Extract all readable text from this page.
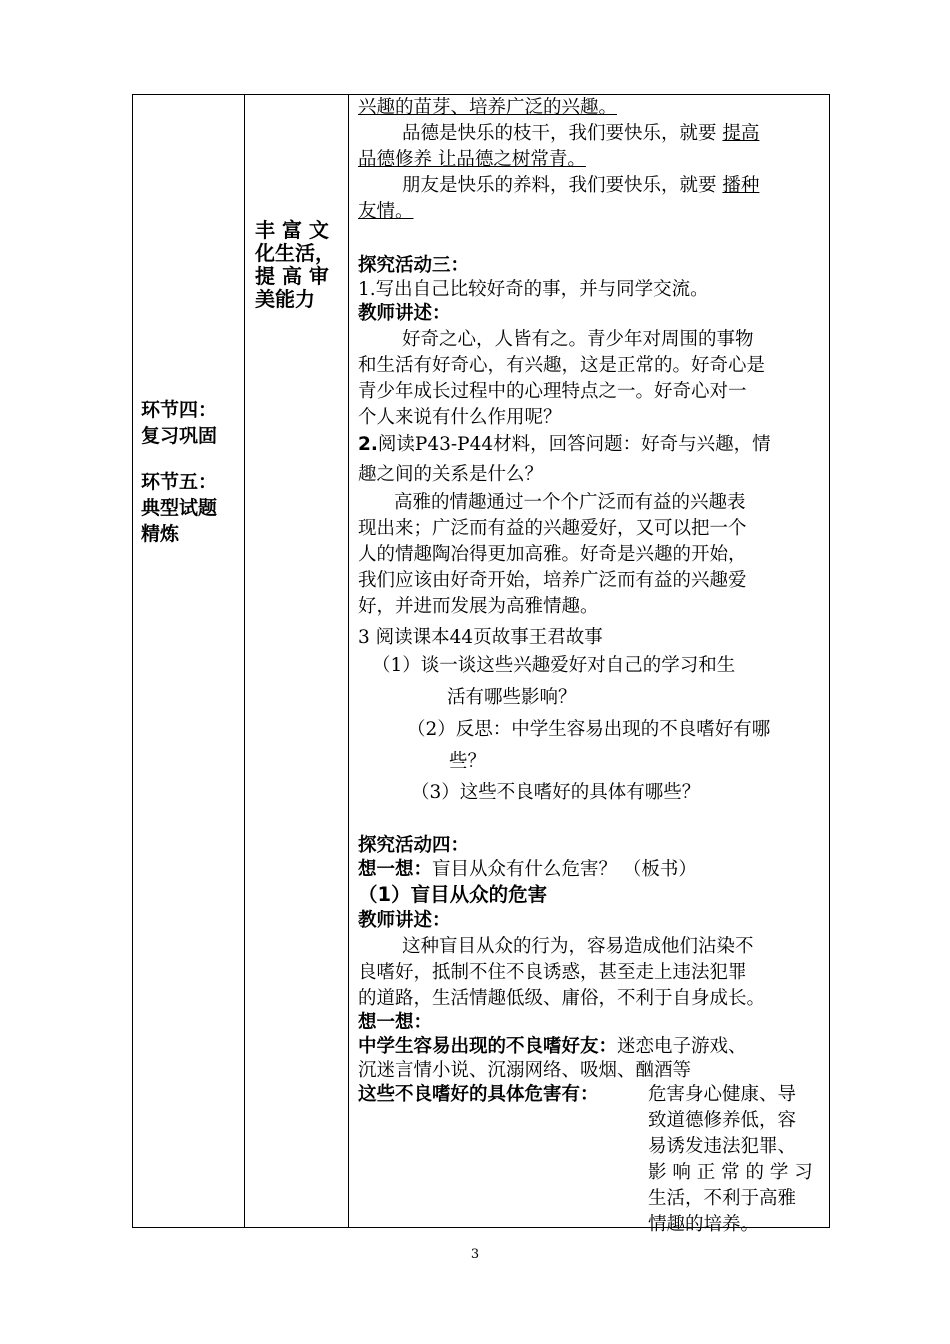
环节四：
复习巩固
环节五：
典型试题
精炼
丰 富 文
化生活，
提 高 审
美能力
兴趣的苗芽、培养广泛的兴趣。
品德是快乐的枝干，我们要快乐，就要 提高
品德修养 让品德之树常青。
朋友是快乐的养料，我们要快乐，就要 播种
友情。
探究活动三：
1.写出自己比较好奇的事，并与同学交流。
教师讲述：
好奇之心，人皆有之。青少年对周围的事物
和生活有好奇心，有兴趣，这是正常的。好奇心是
青少年成长过程中的心理特点之一。好奇心对一
个人来说有什么作用呢？
2.阅读P43-P44材料，回答问题：好奇与兴趣，情
趣之间的关系是什么？
高雅的情趣通过一个个广泛而有益的兴趣表
现出来；广泛而有益的兴趣爱好，又可以把一个
人的情趣陶冶得更加高雅。好奇是兴趣的开始，
我们应该由好奇开始，培养广泛而有益的兴趣爱
好，并进而发展为高雅情趣。
3 阅读课本44页故事王君故事
（1）谈一谈这些兴趣爱好对自己的学习和生
活有哪些影响？
（2）反思：中学生容易出现的不良嗜好有哪
些？
（3）这些不良嗜好的具体有哪些？
探究活动四：
想一想：盲目从众有什么危害？ （板书）
（1）盲目从众的危害
教师讲述：
这种盲目从众的行为，容易造成他们沾染不
良嗜好，抵制不住不良诱惑，甚至走上违法犯罪
的道路，生活情趣低级、庸俗，不利于自身成长。
想一想：
中学生容易出现的不良嗜好友：迷恋电子游戏、
沉迷言情小说、沉溺网络、吸烟、酗酒等
这些不良嗜好的具体危害有：	危害身心健康、导
致道德修养低，容
易诱发违法犯罪、
影 响 正 常 的 学 习
生活，不利于高雅
情趣的培养。
3
